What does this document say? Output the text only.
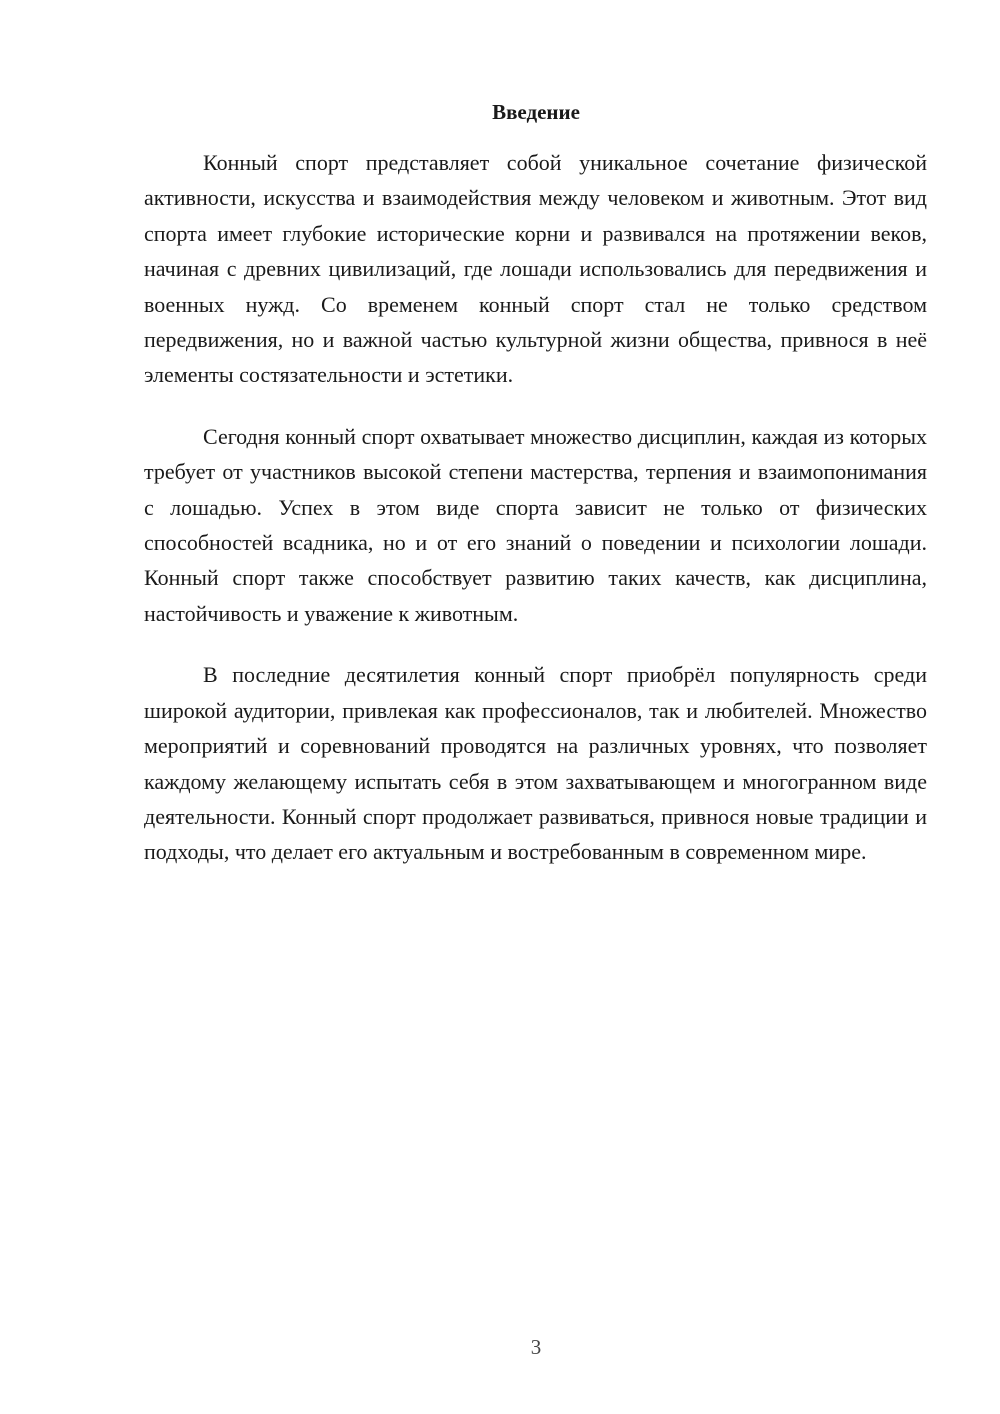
Введение

Конный спорт представляет собой уникальное сочетание физической активности, искусства и взаимодействия между человеком и животным. Этот вид спорта имеет глубокие исторические корни и развивался на протяжении веков, начиная с древних цивилизаций, где лошади использовались для передвижения и военных нужд. Со временем конный спорт стал не только средством передвижения, но и важной частью культурной жизни общества, привнося в неё элементы состязательности и эстетики.

Сегодня конный спорт охватывает множество дисциплин, каждая из которых требует от участников высокой степени мастерства, терпения и взаимопонимания с лошадью. Успех в этом виде спорта зависит не только от физических способностей всадника, но и от его знаний о поведении и психологии лошади. Конный спорт также способствует развитию таких качеств, как дисциплина, настойчивость и уважение к животным.

В последние десятилетия конный спорт приобрёл популярность среди широкой аудитории, привлекая как профессионалов, так и любителей. Множество мероприятий и соревнований проводятся на различных уровнях, что позволяет каждому желающему испытать себя в этом захватывающем и многогранном виде деятельности. Конный спорт продолжает развиваться, привнося новые традиции и подходы, что делает его актуальным и востребованным в современном мире.

3
